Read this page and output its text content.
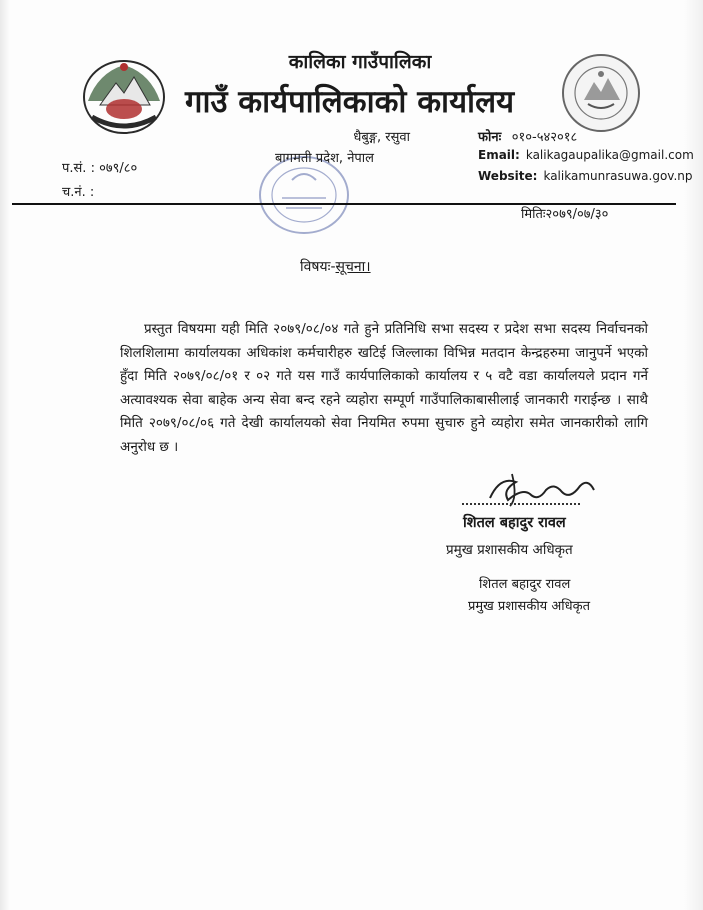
कालिका गाउँपालिका
गाउँ कार्यपालिकाको कार्यालय
धैबुङ्ग, रसुवा
बागमती प्रदेश, नेपाल
फोनः ०१०-५४२०१८
Email: kalikagaupalika@gmail.com
Website: kalikamunrasuwa.gov.np
प.सं. : ०७९/८०
च.नं. :
मितिः२०७९/०७/३०
विषयः-सूचना।

प्रस्तुत विषयमा यही मिति २०७९/०८/०४ गते हुने प्रतिनिधि सभा सदस्य र प्रदेश सभा सदस्य निर्वाचनको शिलशिलामा कार्यालयका अधिकांश कर्मचारीहरु खटिई जिल्लाका विभिन्न मतदान केन्द्रहरुमा जानुपर्ने भएको हुँदा मिति २०७९/०८/०१ र ०२ गते यस गाउँ कार्यपालिकाको कार्यालय र ५ वटै वडा कार्यालयले प्रदान गर्ने अत्यावश्यक सेवा बाहेक अन्य सेवा बन्द रहने व्यहोरा सम्पूर्ण गाउँपालिकाबासीलाई जानकारी गराईन्छ । साथै मिति २०७९/०८/०६ गते देखी कार्यालयको सेवा नियमित रुपमा सुचारु हुने व्यहोरा समेत जानकारीको लागि अनुरोध छ ।

शितल बहादुर रावल
प्रमुख प्रशासकीय अधिकृत
शितल बहादुर रावल
प्रमुख प्रशासकीय अधिकृत
